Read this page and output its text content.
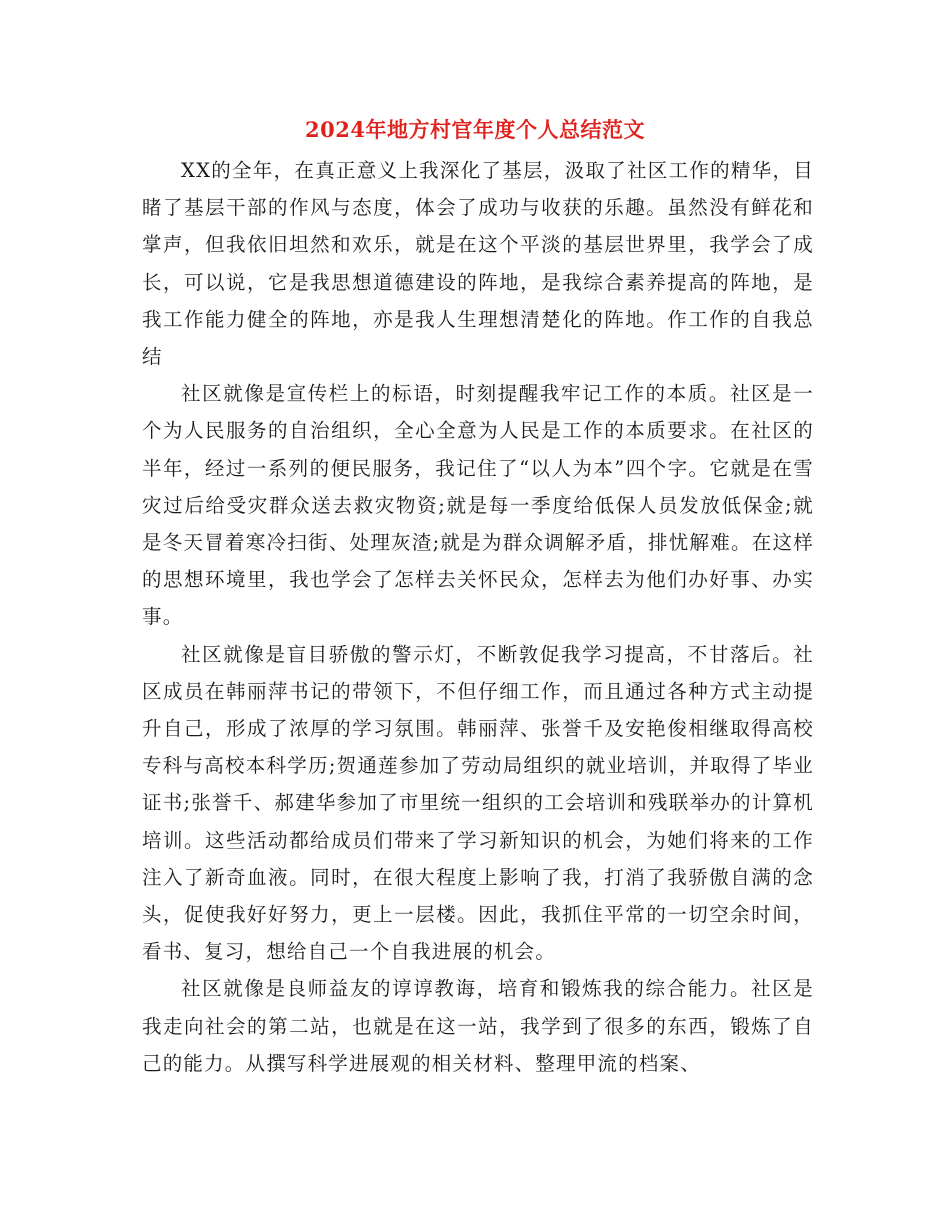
2024年地方村官年度个人总结范文

XX的全年，在真正意义上我深化了基层，汲取了社区工作的精华，目睹了基层干部的作风与态度，体会了成功与收获的乐趣。虽然没有鲜花和掌声，但我依旧坦然和欢乐，就是在这个平淡的基层世界里，我学会了成长，可以说，它是我思想道德建设的阵地，是我综合素养提高的阵地，是我工作能力健全的阵地，亦是我人生理想清楚化的阵地。作工作的自我总结

社区就像是宣传栏上的标语，时刻提醒我牢记工作的本质。社区是一个为人民服务的自治组织，全心全意为人民是工作的本质要求。在社区的半年，经过一系列的便民服务，我记住了“以人为本”四个字。它就是在雪灾过后给受灾群众送去救灾物资;就是每一季度给低保人员发放低保金;就是冬天冒着寒冷扫街、处理灰渣;就是为群众调解矛盾，排忧解难。在这样的思想环境里，我也学会了怎样去关怀民众，怎样去为他们办好事、办实事。

社区就像是盲目骄傲的警示灯，不断敦促我学习提高，不甘落后。社区成员在韩丽萍书记的带领下，不但仔细工作，而且通过各种方式主动提升自己，形成了浓厚的学习氛围。韩丽萍、张誉千及安艳俊相继取得高校专科与高校本科学历;贺通莲参加了劳动局组织的就业培训，并取得了毕业证书;张誉千、郝建华参加了市里统一组织的工会培训和残联举办的计算机培训。这些活动都给成员们带来了学习新知识的机会，为她们将来的工作注入了新奇血液。同时，在很大程度上影响了我，打消了我骄傲自满的念头，促使我好好努力，更上一层楼。因此，我抓住平常的一切空余时间，看书、复习，想给自己一个自我进展的机会。

社区就像是良师益友的谆谆教诲，培育和锻炼我的综合能力。社区是我走向社会的第二站，也就是在这一站，我学到了很多的东西，锻炼了自己的能力。从撰写科学进展观的相关材料、整理甲流的档案、
